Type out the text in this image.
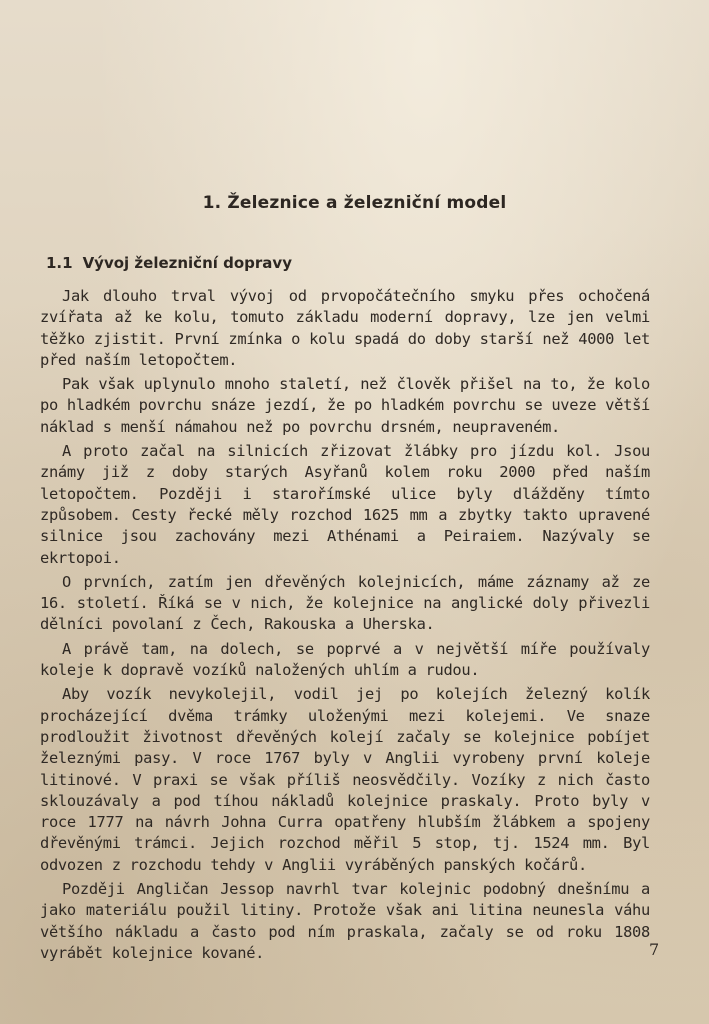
1. Železnice a železniční model
1.1 Vývoj železniční dopravy

Jak dlouho trval vývoj od prvopočátečního smyku přes ochočená zvířata až ke kolu, tomuto základu moderní dopravy, lze jen velmi těžko zjistit. První zmínka o kolu spadá do doby starší než 4000 let před naším letopočtem.

Pak však uplynulo mnoho staletí, než člověk přišel na to, že kolo po hladkém povrchu snáze jezdí, že po hladkém povrchu se uveze větší náklad s menší námahou než po povrchu drsném, neupraveném.

A proto začal na silnicích zřizovat žlábky pro jízdu kol. Jsou známy již z doby starých Asyřanů kolem roku 2000 před naším letopočtem. Později i starořímské ulice byly dlážděny tímto způsobem. Cesty řecké měly rozchod 1625 mm a zbytky takto upravené silnice jsou zachovány mezi Athénami a Peiraiem. Nazývaly se ekrtopoi.

O prvních, zatím jen dřevěných kolejnicích, máme záznamy až ze 16. století. Říká se v nich, že kolejnice na anglické doly přivezli dělníci povolaní z Čech, Rakouska a Uherska.

A právě tam, na dolech, se poprvé a v největší míře používaly koleje k dopravě vozíků naložených uhlím a rudou.

Aby vozík nevykolejil, vodil jej po kolejích železný kolík procházející dvěma trámky uloženými mezi kolejemi. Ve snaze prodloužit životnost dřevěných kolejí začaly se kolejnice pobíjet železnými pasy. V roce 1767 byly v Anglii vyrobeny první koleje litinové. V praxi se však příliš neosvědčily. Vozíky z nich často sklouzávaly a pod tíhou nákladů kolejnice praskaly. Proto byly v roce 1777 na návrh Johna Curra opatřeny hlubším žlábkem a spojeny dřevěnými trámci. Jejich rozchod měřil 5 stop, tj. 1524 mm. Byl odvozen z rozchodu tehdy v Anglii vyráběných panských kočárů.

Později Angličan Jessop navrhl tvar kolejnic podobný dnešnímu a jako materiálu použil litiny. Protože však ani litina neunesla váhu většího nákladu a často pod ním praskala, začaly se od roku 1808 vyrábět kolejnice kované.	7
